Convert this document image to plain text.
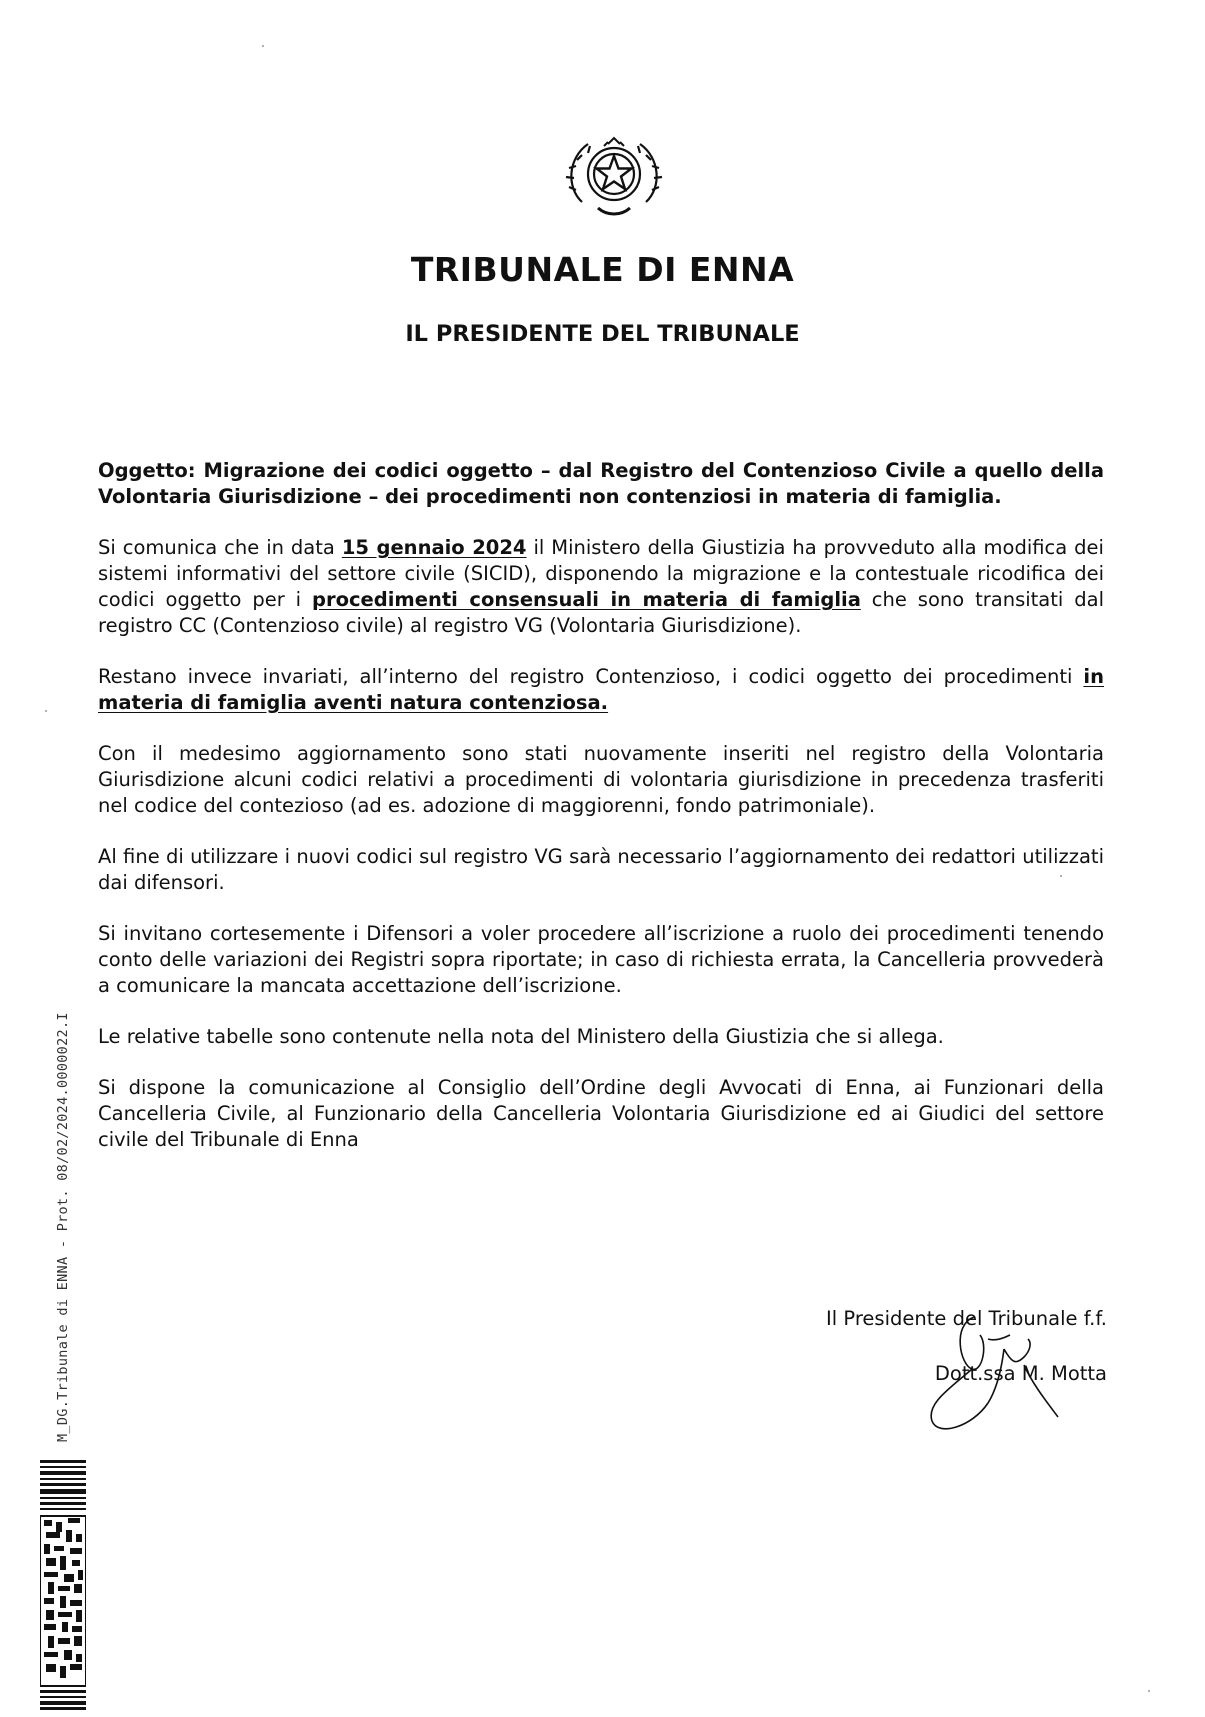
TRIBUNALE DI ENNA
IL PRESIDENTE DEL TRIBUNALE

Oggetto: Migrazione dei codici oggetto – dal Registro del Contenzioso Civile a quello della Volontaria Giurisdizione – dei procedimenti non contenziosi in materia di famiglia.

Si comunica che in data 15 gennaio 2024 il Ministero della Giustizia ha provveduto alla modifica dei sistemi informativi del settore civile (SICID), disponendo la migrazione e la contestuale ricodifica dei codici oggetto per i procedimenti consensuali in materia di famiglia che sono transitati dal registro CC (Contenzioso civile) al registro VG (Volontaria Giurisdizione).

Restano invece invariati, all’interno del registro Contenzioso, i codici oggetto dei procedimenti in materia di famiglia aventi natura contenziosa.

Con il medesimo aggiornamento sono stati nuovamente inseriti nel registro della Volontaria Giurisdizione alcuni codici relativi a procedimenti di volontaria giurisdizione in precedenza trasferiti nel codice del contezioso (ad es. adozione di maggiorenni, fondo patrimoniale).

Al fine di utilizzare i nuovi codici sul registro VG sarà necessario l’aggiornamento dei redattori utilizzati dai difensori.

Si invitano cortesemente i Difensori a voler procedere all’iscrizione a ruolo dei procedimenti tenendo conto delle variazioni dei Registri sopra riportate; in caso di richiesta errata, la Cancelleria provvederà a comunicare la mancata accettazione dell’iscrizione.

Le relative tabelle sono contenute nella nota del Ministero della Giustizia che si allega.

Si dispone la comunicazione al Consiglio dell’Ordine degli Avvocati di Enna, ai Funzionari della Cancelleria Civile, al Funzionario della Cancelleria Volontaria Giurisdizione ed ai Giudici del settore civile del Tribunale di Enna

Il Presidente del Tribunale f.f.
Dott.ssa M. Motta
M_DG.Tribunale di ENNA - Prot. 08/02/2024.0000022.I
